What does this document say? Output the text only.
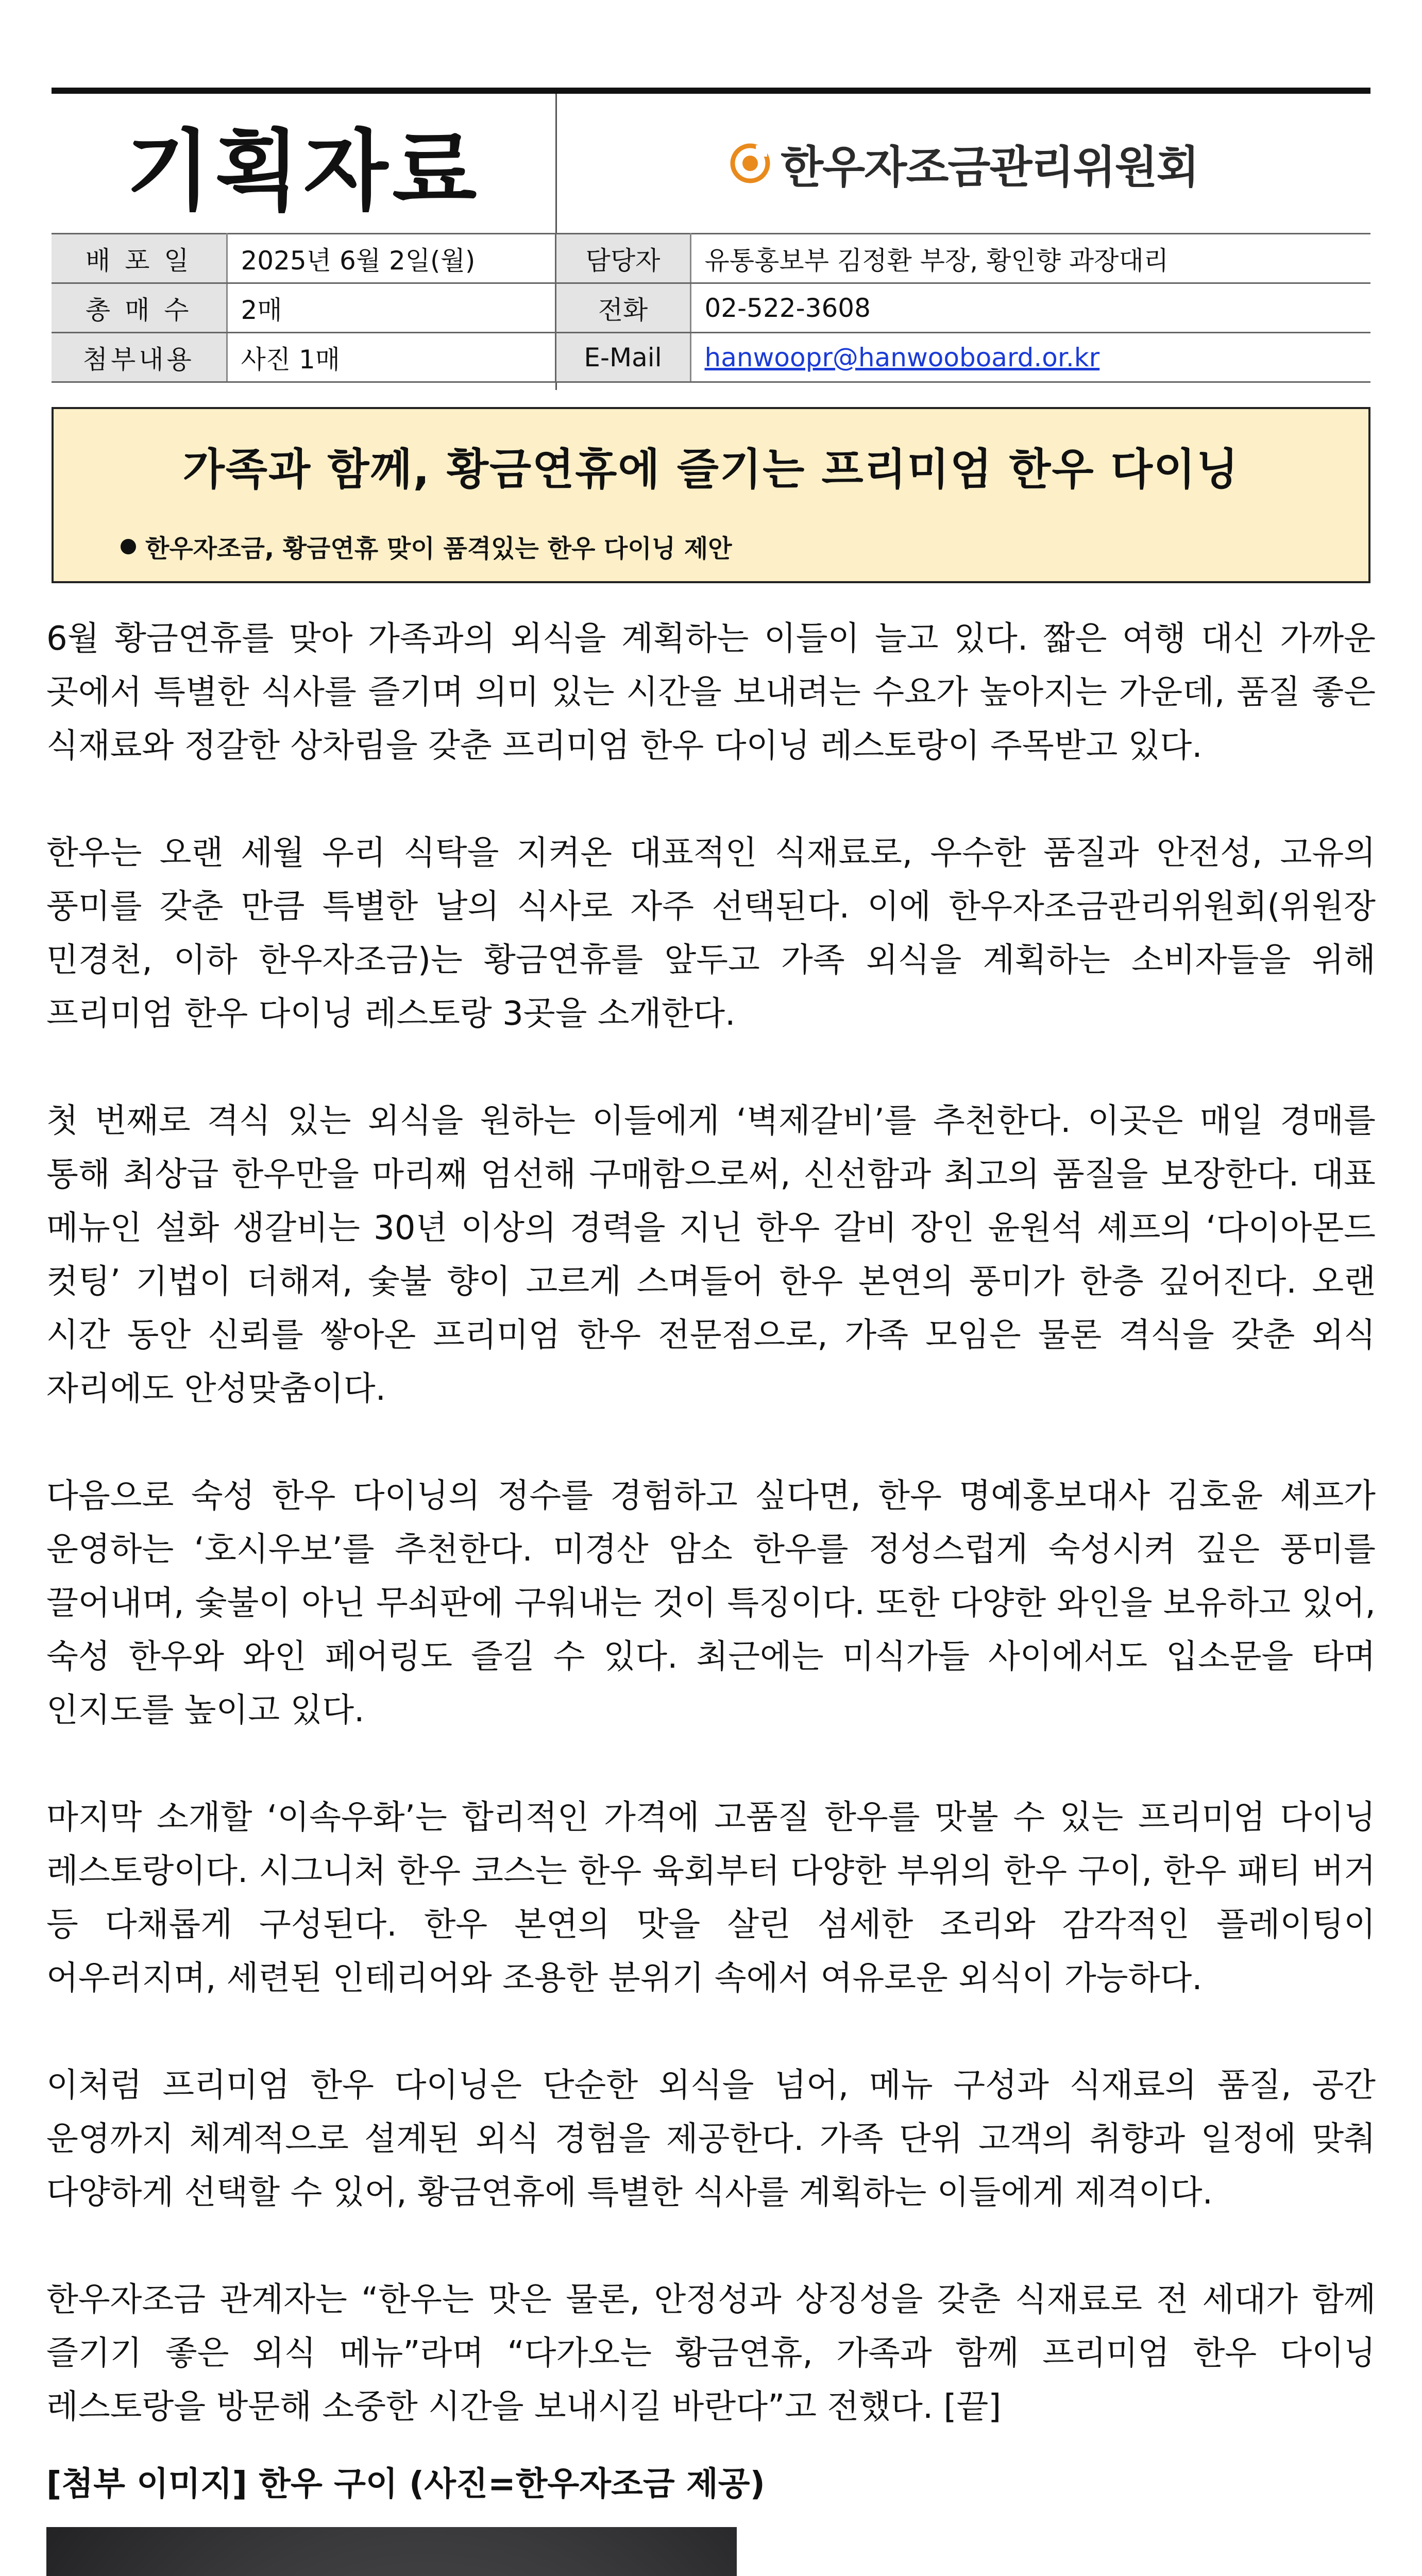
기획자료	한우자조금관리위원회
배 포 일	2025년 6월 2일(월)	담당자	유통홍보부 김정환 부장, 황인향 과장대리
총 매 수	2매	전화	02-522-3608
첨부내용	사진 1매	E-Mail	hanwoopr@hanwooboard.or.kr
가족과 함께, 황금연휴에 즐기는 프리미엄 한우 다이닝
한우자조금, 황금연휴 맞이 품격있는 한우 다이닝 제안

6월 황금연휴를 맞아 가족과의 외식을 계획하는 이들이 늘고 있다. 짧은 여행 대신 가까운 곳에서 특별한 식사를 즐기며 의미 있는 시간을 보내려는 수요가 높아지는 가운데, 품질 좋은 식재료와 정갈한 상차림을 갖춘 프리미엄 한우 다이닝 레스토랑이 주목받고 있다.

한우는 오랜 세월 우리 식탁을 지켜온 대표적인 식재료로, 우수한 품질과 안전성, 고유의 풍미를 갖춘 만큼 특별한 날의 식사로 자주 선택된다. 이에 한우자조금관리위원회(위원장 민경천, 이하 한우자조금)는 황금연휴를 앞두고 가족 외식을 계획하는 소비자들을 위해 프리미엄 한우 다이닝 레스토랑 3곳을 소개한다.

첫 번째로 격식 있는 외식을 원하는 이들에게 ‘벽제갈비’를 추천한다. 이곳은 매일 경매를 통해 최상급 한우만을 마리째 엄선해 구매함으로써, 신선함과 최고의 품질을 보장한다. 대표 메뉴인 설화 생갈비는 30년 이상의 경력을 지닌 한우 갈비 장인 윤원석 셰프의 ‘다이아몬드 컷팅’ 기법이 더해져, 숯불 향이 고르게 스며들어 한우 본연의 풍미가 한층 깊어진다. 오랜 시간 동안 신뢰를 쌓아온 프리미엄 한우 전문점으로, 가족 모임은 물론 격식을 갖춘 외식 자리에도 안성맞춤이다.

다음으로 숙성 한우 다이닝의 정수를 경험하고 싶다면, 한우 명예홍보대사 김호윤 셰프가 운영하는 ‘호시우보’를 추천한다. 미경산 암소 한우를 정성스럽게 숙성시켜 깊은 풍미를 끌어내며, 숯불이 아닌 무쇠판에 구워내는 것이 특징이다. 또한 다양한 와인을 보유하고 있어, 숙성 한우와 와인 페어링도 즐길 수 있다. 최근에는 미식가들 사이에서도 입소문을 타며 인지도를 높이고 있다.

마지막 소개할 ‘이속우화’는 합리적인 가격에 고품질 한우를 맛볼 수 있는 프리미엄 다이닝 레스토랑이다. 시그니처 한우 코스는 한우 육회부터 다양한 부위의 한우 구이, 한우 패티 버거 등 다채롭게 구성된다. 한우 본연의 맛을 살린 섬세한 조리와 감각적인 플레이팅이 어우러지며, 세련된 인테리어와 조용한 분위기 속에서 여유로운 외식이 가능하다.

이처럼 프리미엄 한우 다이닝은 단순한 외식을 넘어, 메뉴 구성과 식재료의 품질, 공간 운영까지 체계적으로 설계된 외식 경험을 제공한다. 가족 단위 고객의 취향과 일정에 맞춰 다양하게 선택할 수 있어, 황금연휴에 특별한 식사를 계획하는 이들에게 제격이다.

한우자조금 관계자는 “한우는 맛은 물론, 안정성과 상징성을 갖춘 식재료로 전 세대가 함께 즐기기 좋은 외식 메뉴”라며 “다가오는 황금연휴, 가족과 함께 프리미엄 한우 다이닝 레스토랑을 방문해 소중한 시간을 보내시길 바란다”고 전했다. [끝]

[첨부 이미지] 한우 구이 (사진=한우자조금 제공)
